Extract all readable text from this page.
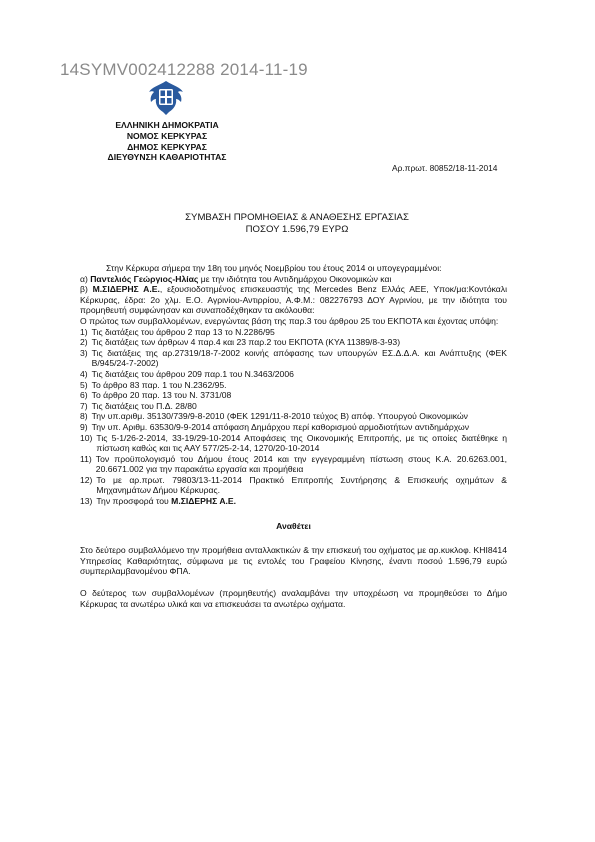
14SYMV002412288 2014-11-19
ΕΛΛΗΝΙΚΗ ΔΗΜΟΚΡΑΤΙΑ
ΝΟΜΟΣ ΚΕΡΚΥΡΑΣ
ΔΗΜΟΣ ΚΕΡΚΥΡΑΣ
ΔΙΕΥΘΥΝΣΗ ΚΑΘΑΡΙΟΤΗΤΑΣ
Αρ.πρωτ. 80852/18-11-2014
ΣΥΜΒΑΣΗ ΠΡΟΜΗΘΕΙΑΣ & ΑΝΑΘΕΣΗΣ ΕΡΓΑΣΙΑΣ
ΠΟΣΟΥ 1.596,79 ΕΥΡΩ

Στην Κέρκυρα σήμερα την 18η του μηνός Νοεμβρίου του έτους 2014 οι υπογεγραμμένοι:

α) Παντελιός Γεώργιος-Ηλίας με την ιδιότητα του Αντιδημάρχου Οικονομικών και

β) Μ.ΣΙΔΕΡΗΣ Α.Ε., εξουσιοδοτημένος επισκευαστής της Mercedes Benz Ελλάς ΑΕΕ, Υποκ/μα:Κοντόκαλι Κέρκυρας, έδρα: 2ο χλμ. Ε.Ο. Αγρινίου-Αντιρρίου, Α.Φ.Μ.: 082276793 ΔΟΥ Αγρινίου, με την ιδιότητα του προμηθευτή συμφώνησαν και συναποδέχθηκαν τα ακόλουθα:

Ο πρώτος των συμβαλλομένων, ενεργώντας βάση της παρ.3 του άρθρου 25 του ΕΚΠΟΤΑ και έχοντας υπόψη:

1) Τις διατάξεις του άρθρου 2 παρ 13 το Ν.2286/95
2) Τις διατάξεις των άρθρων 4 παρ.4 και 23 παρ.2 του ΕΚΠΟΤΑ (ΚΥΑ 11389/8-3-93)
3) Τις διατάξεις της αρ.27319/18-7-2002 κοινής απόφασης των υπουργών ΕΣ.Δ.Δ.Α. και Ανάπτυξης (ΦΕΚ Β/945/24-7-2002)
4) Τις διατάξεις του άρθρου 209 παρ.1 του Ν.3463/2006
5) Το άρθρο 83 παρ. 1 του Ν.2362/95.
6) Το άρθρο 20 παρ. 13 του Ν. 3731/08
7) Τις διατάξεις του Π.Δ. 28/80
8) Την υπ.αριθμ. 35130/739/9-8-2010 (ΦΕΚ 1291/11-8-2010 τεύχος Β) απόφ. Υπουργού Οικονομικών
9) Την υπ. Αριθμ. 63530/9-9-2014 απόφαση Δημάρχου περί καθορισμού αρμοδιοτήτων αντιδημάρχων
10) Τις 5-1/26-2-2014, 33-19/29-10-2014 Αποφάσεις της Οικονομικής Επιτροπής, με τις οποίες διατέθηκε η πίστωση καθώς και τις ΑΑΥ 577/25-2-14, 1270/20-10-2014
11) Τον προϋπολογισμό του Δήμου έτους 2014 και την εγγεγραμμένη πίστωση στους Κ.Α. 20.6263.001, 20.6671.002 για την παρακάτω εργασία και προμήθεια
12) Το με αρ.πρωτ. 79803/13-11-2014 Πρακτικό Επιτροπής Συντήρησης & Επισκευής οχημάτων & Μηχανημάτων Δήμου Κέρκυρας.
13) Την προσφορά του Μ.ΣΙΔΕΡΗΣ Α.Ε.

Αναθέτει

Στο δεύτερο συμβαλλόμενο την προμήθεια ανταλλακτικών & την επισκευή του οχήματος με αρ.κυκλοφ. ΚΗΙ8414 Υπηρεσίας Καθαριότητας, σύμφωνα με τις εντολές του Γραφείου Κίνησης, έναντι ποσού 1.596,79 ευρώ συμπεριλαμβανομένου ΦΠΑ.

Ο δεύτερος των συμβαλλομένων (προμηθευτής) αναλαμβάνει την υποχρέωση να προμηθεύσει το Δήμο Κέρκυρας τα ανωτέρω υλικά και να επισκευάσει τα ανωτέρω οχήματα.
